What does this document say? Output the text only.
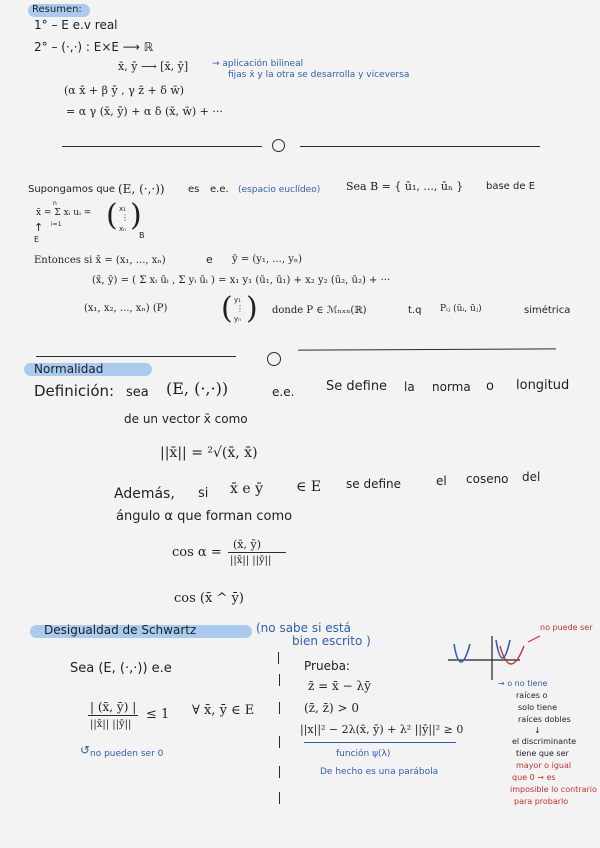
Resumen:
1° – E e.v real
2° – (·,·) : E×E ⟶ ℝ
x̄, ȳ ⟶ [x̄, ȳ]	→ aplicación bilineal
fijas x̄ y la otra se desarrolla y viceversa
(α x̄ + β ȳ , γ z̄ + δ w̄)
= α γ (x̄, ȳ) + α δ (x̄, w̄) + ···
Supongamos que (E, (·,·)) es e.e. (espacio euclídeo) Sea B = { ū₁, ..., ūₙ } base de E
n
x̄ = Σ xᵢ uᵢ =
i=1 ( x₁
⋮
xₙ )
B
↑
E
Entonces si x̄ = (x₁, ..., xₙ)	e ȳ = (y₁, ..., yₙ)
(x̄, ȳ) = ( Σ xᵢ ūᵢ , Σ yᵢ ūᵢ ) = x₁ y₁ (ū₁, ū₁) + x₂ y₂ (ū₂, ū₂) + ···
(x₁, x₂, ..., xₙ) (P) ( y₁
⋮
yₙ ) donde P ∈ ℳₙₓₙ(ℝ)	t.q Pᵢⱼ (ūᵢ, ūⱼ)	simétrica
Normalidad
Definición: sea (E, (·,·))	e.e. Se define la norma o longitud
de un vector x̄ como
||x̄|| = ²√(x̄, x̄)
Además, si x̄ e ȳ ∈ E se define	el coseno del
ángulo α que forman como
cos α =
(x̄, ȳ)
||x̄|| ||ȳ||
cos (x̄ ^ ȳ)
Desigualdad de Schwartz	(no sabe si está
bien escrito )
Sea (E, (·,·)) e.e
| (x̄, ȳ) |
||x̄|| ||ȳ||
≤ 1 ∀ x̄, ȳ ∈ E
↺ no pueden ser 0
Prueba:
z̄ = x̄ − λȳ
(z̄, z̄) > 0
||x||² − 2λ(x̄, ȳ) + λ² ||ȳ||² ≥ 0
función ψ(λ)
De hecho es una parábola
no puede ser
→ o no tiene
raíces o
solo tiene
raíces dobles
↓
el discriminante
tiene que ser
mayor o igual
que 0 → es
imposible lo contrario
para probarlo
